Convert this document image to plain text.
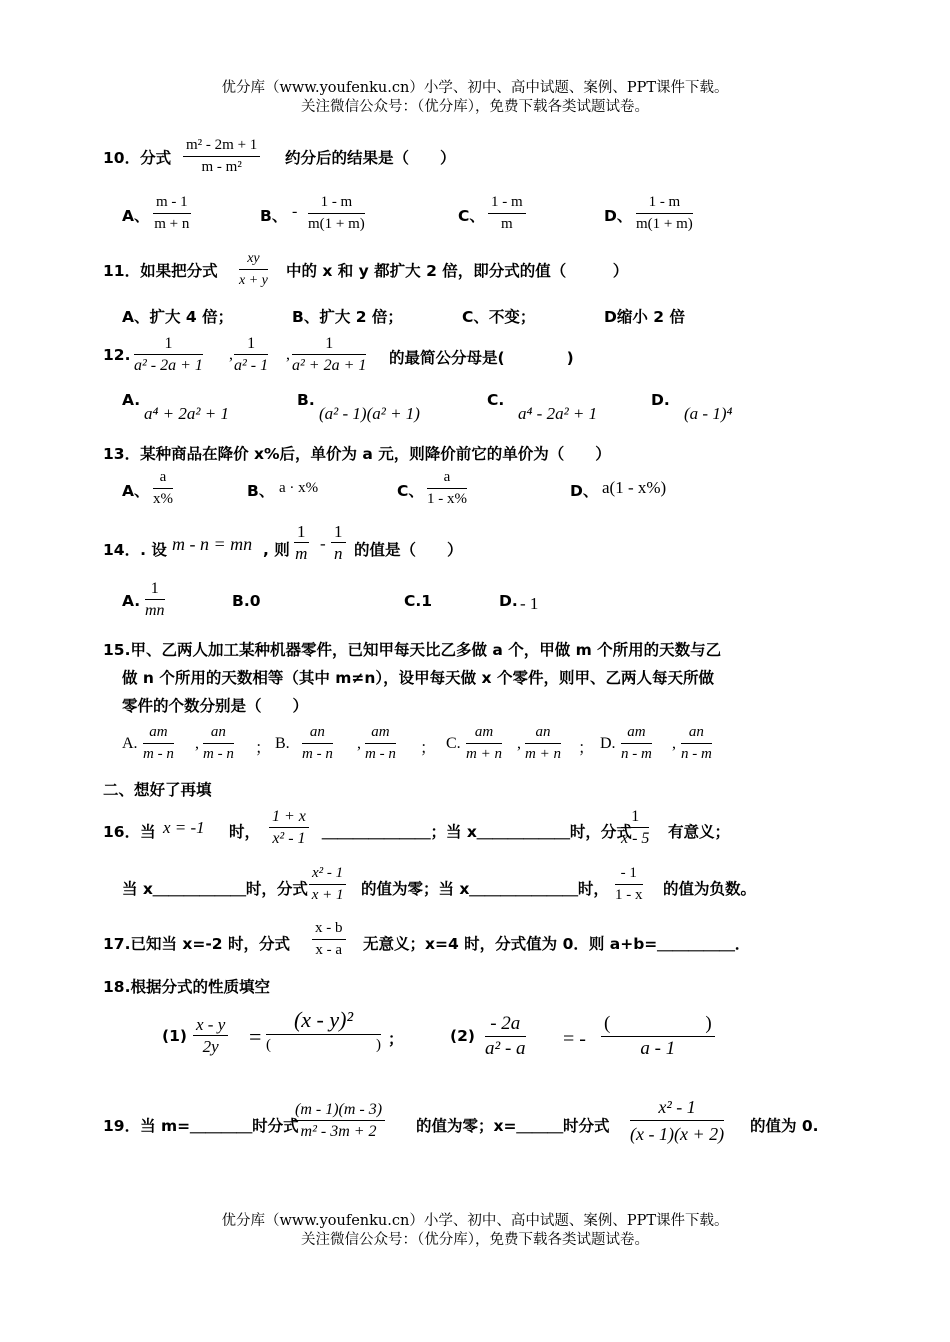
优分库（www.youfenku.cn）小学、初中、高中试题、案例、PPT课件下载。
关注微信公众号：（优分库），免费下载各类试题试卷。
10．分式 $\frac{\text{m² - 2m + 1}}{\text{m - m²}}$ 约分后的结果是（　　）
A、 $\frac{m - 1}{m + n}$	B、 - $\frac{1 - m}{m(1 + m)}$	C、 $\frac{1 - m}{m}$	D、 $\frac{1 - m}{m(1 + m)}$
11．如果把分式 $\frac{xy}{x + y}$ 中的 x 和 y 都扩大 2 倍，即分式的值（　　　）
A、扩大 4 倍；	B、扩大 2 倍；	C、不变；	D缩小 2 倍
12. $\frac{1}{\text{a² - 2a + 1}}$ , $\frac{1}{\text{a² - 1}}$ , $\frac{1}{\text{a² + 2a + 1}}$ 的最简公分母是(　　　　)
A.
a⁴ + 2a² + 1
B.
(a² - 1)(a² + 1)
C.
a⁴ - 2a² + 1
D.
(a - 1)⁴
13．某种商品在降价 x%后，单价为 a 元，则降价前它的单价为（　　）
A、 $\frac{a}{x\%}$	B、 a · x%	C、 $\frac{a}{1 - x\%}$	D、 a(1 - x%)
14．. 设 m - n = mn , 则 $\frac{1}{m} - \frac{1}{n}$ 的值是（　　）
A. $\frac{1}{mn}$	B.0	C.1	D. - 1
15.甲、乙两人加工某种机器零件，已知甲每天比乙多做 a 个，甲做 m 个所用的天数与乙
做 n 个所用的天数相等（其中 m≠n），设甲每天做 x 个零件，则甲、乙两人每天所做
零件的个数分别是（　　）
A. $\frac{am}{m - n}$ , $\frac{an}{m - n}$ ； B. $\frac{an}{m - n}$ , $\frac{am}{m - n}$ ； C. $\frac{am}{m + n}$ , $\frac{an}{m + n}$ ； D. $\frac{am}{n - m}$ , $\frac{an}{n - m}$
二、想好了再填
16．当 x = -1 时， $\frac{1 + x}{\text{x² - 1}}$ ＿＿＿＿＿＿＿；当 x＿＿＿＿＿＿时，分式
$\frac{1}{x - 5}$ 有意义；
当 x＿＿＿＿＿＿时，分式 $\frac{\text{x² - 1}}{x + 1}$ 的值为零；当 x＿＿＿＿＿＿＿时， $\frac{- 1}{1 - x}$ 的值为负数。
17.已知当 x=-2 时，分式 $\frac{x - b}{x - a}$ 无意义；x=4 时，分式值为 0．则 a+b=＿＿＿＿＿．
18.根据分式的性质填空
$(1) \frac{x - y}{2y}$ =
(x - y)²
(　　　　　　　) ；	$(2) \frac{- 2a}{\text{a² - a}}$ = -
(　　　　　)
a - 1
19．当 m=＿＿＿＿时分式
$\frac{(m - 1)(m - 3)}{\text{m² - 3m + 2}}$ 的值为零；x=＿＿＿时分式 $\frac{\text{x² - 1}}{(x - 1)(x + 2)}$ 的值为 0.
优分库（www.youfenku.cn）小学、初中、高中试题、案例、PPT课件下载。
关注微信公众号：（优分库），免费下载各类试题试卷。
